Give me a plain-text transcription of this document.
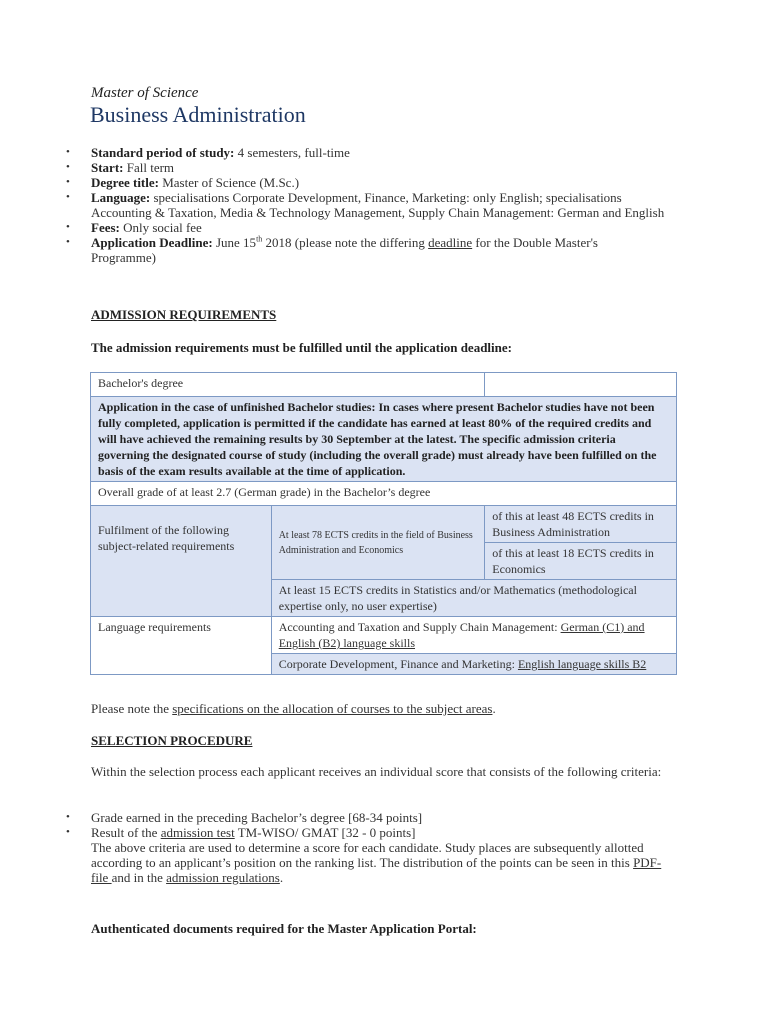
Master of Science
Business Administration
• Standard period of study: 4 semesters, full-time
• Start: Fall term
• Degree title: Master of Science (M.Sc.)
• Language: specialisations Corporate Development, Finance, Marketing: only English; specialisations Accounting & Taxation, Media & Technology Management, Supply Chain Management: German and English
• Fees: Only social fee
• Application Deadline: June 15th 2018 (please note the differing deadline for the Double Master's Programme)
ADMISSION REQUIREMENTS
The admission requirements must be fulfilled until the application deadline:
Bachelor's degree		
Application in the case of unfinished Bachelor studies: In cases where present Bachelor studies have not been fully completed, application is permitted if the candidate has earned at least 80% of the required credits and will have achieved the remaining results by 30 September at the latest. The specific admission criteria governing the designated course of study (including the overall grade) must already have been fulfilled on the basis of the exam results available at the time of application.		
Overall grade of at least 2.7 (German grade) in the Bachelor’s degree		
Fulfilment of the following subject-related requirements	At least 78 ECTS credits in the field of Business Administration and Economics	of this at least 48 ECTS credits in Business Administration
		of this at least 18 ECTS credits in Economics
	At least 15 ECTS credits in Statistics and/or Mathematics (methodological expertise only, no user expertise)	
Language requirements	Accounting and Taxation and Supply Chain Management: German (C1) and English (B2) language skills	
	Corporate Development, Finance and Marketing: English language skills B2	
Please note the specifications on the allocation of courses to the subject areas.
SELECTION PROCEDURE
Within the selection process each applicant receives an individual score that consists of the following criteria:
• Grade earned in the preceding Bachelor’s degree [68-34 points]
• Result of the admission test TM-WISO/ GMAT [32 - 0 points]
The above criteria are used to determine a score for each candidate. Study places are subsequently allotted according to an applicant’s position on the ranking list. The distribution of the points can be seen in this PDF-file and in the admission regulations.
Authenticated documents required for the Master Application Portal:
